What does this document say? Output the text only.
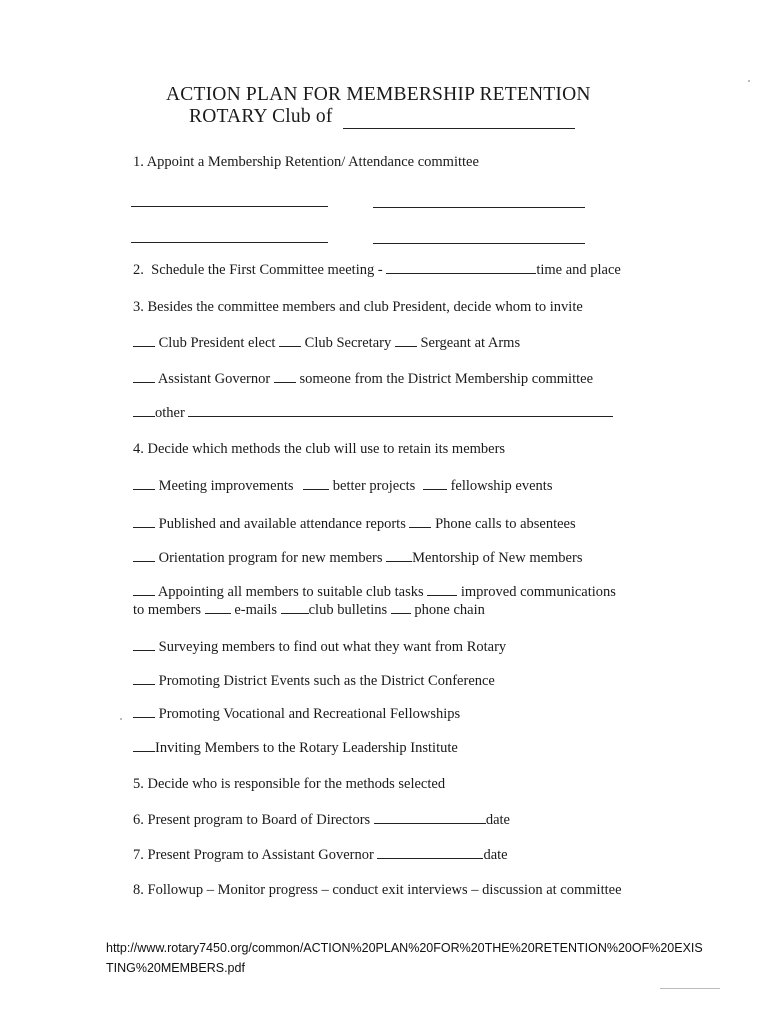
ACTION PLAN FOR MEMBERSHIP RETENTION
ROTARY Club of
1. Appoint a Membership Retention/ Attendance committee
2. Schedule the First Committee meeting -	time and place
3. Besides the committee members and club President, decide whom to invite
Club President elect Club Secretary Sergeant at Arms
Assistant Governor someone from the District Membership committee
other
4. Decide which methods the club will use to retain its members
Meeting improvements	better projects fellowship events
Published and available attendance reports Phone calls to absentees
Orientation program for new members Mentorship of New members
Appointing all members to suitable club tasks	improved communications
to members e-mails club bulletins phone chain
Surveying members to find out what they want from Rotary
Promoting District Events such as the District Conference
Promoting Vocational and Recreational Fellowships
Inviting Members to the Rotary Leadership Institute
5. Decide who is responsible for the methods selected
6. Present program to Board of Directors	date
7. Present Program to Assistant Governor	date
8. Followup – Monitor progress – conduct exit interviews – discussion at committee
http://www.rotary7450.org/common/ACTION%20PLAN%20FOR%20THE%20RETENTION%20OF%20EXIS
TING%20MEMBERS.pdf
